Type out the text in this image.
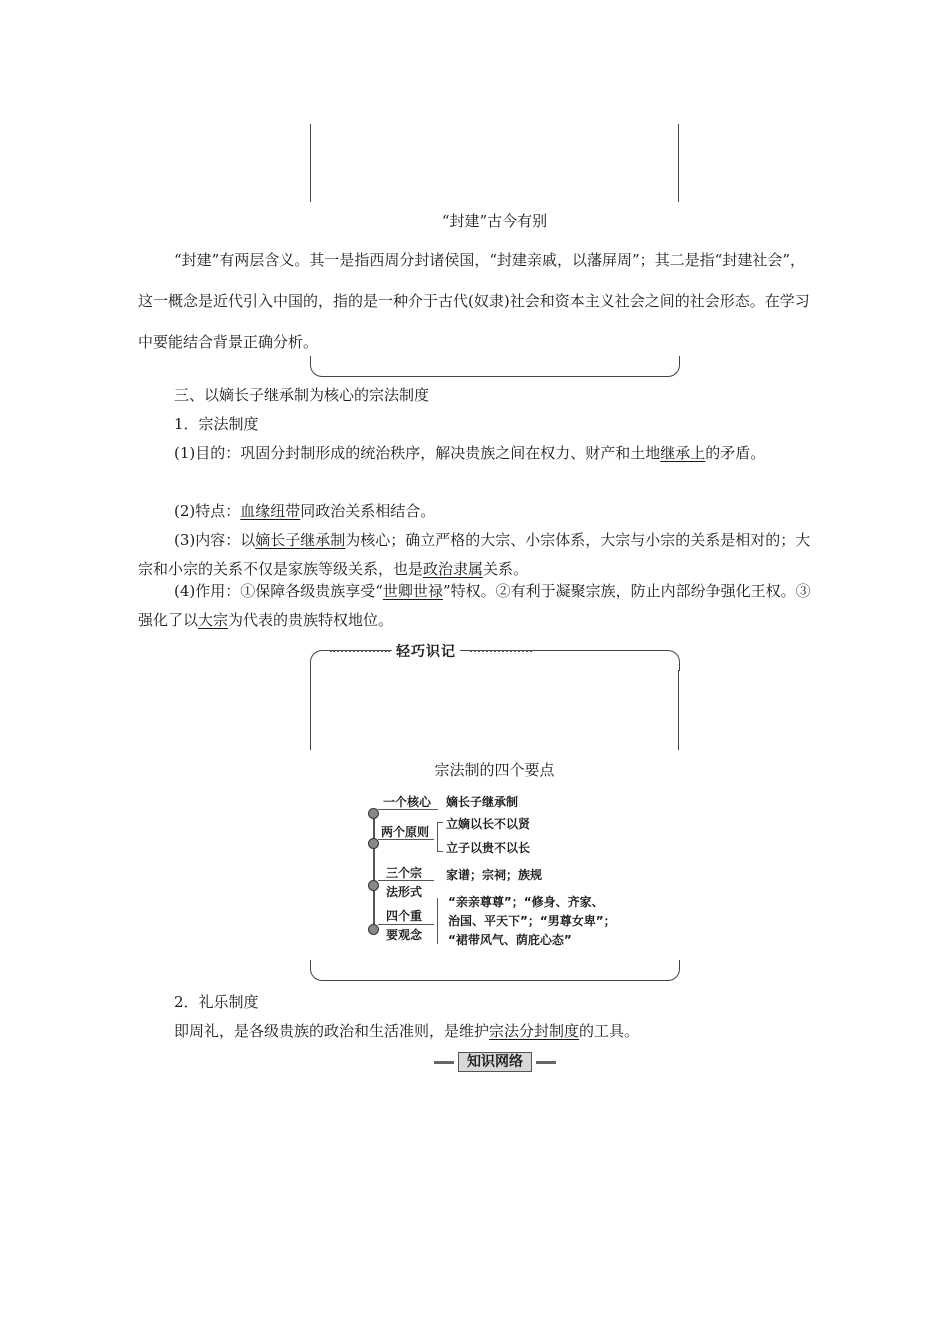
“封建”古今有别
“封建”有两层含义。其一是指西周分封诸侯国，“封建亲戚，以藩屏周”；其二是指“封建社会”，这一概念是近代引入中国的，指的是一种介于古代(奴隶)社会和资本主义社会之间的社会形态。在学习中要能结合背景正确分析。
三、以嫡长子继承制为核心的宗法制度
1．宗法制度
(1)目的：巩固分封制形成的统治秩序，解决贵族之间在权力、财产和土地继承上的矛盾。
(2)特点：血缘纽带同政治关系相结合。
(3)内容：以嫡长子继承制为核心；确立严格的大宗、小宗体系，大宗与小宗的关系是相对的；大宗和小宗的关系不仅是家族等级关系，也是政治隶属关系。
(4)作用：①保障各级贵族享受“世卿世禄”特权。②有利于凝聚宗族，防止内部纷争强化王权。③强化了以大宗为代表的贵族特权地位。
轻巧识记
宗法制的四个要点
一个核心 嫡长子继承制
两个原则
立嫡以长不以贤
立子以贵不以长
三个宗
法形式
家谱；宗祠；族规
四个重
要观念
“亲亲尊尊”；“修身、齐家、
治国、平天下”；“男尊女卑”；
“裙带风气、荫庇心态”
2．礼乐制度
即周礼，是各级贵族的政治和生活准则，是维护宗法分封制度的工具。
知识网络
